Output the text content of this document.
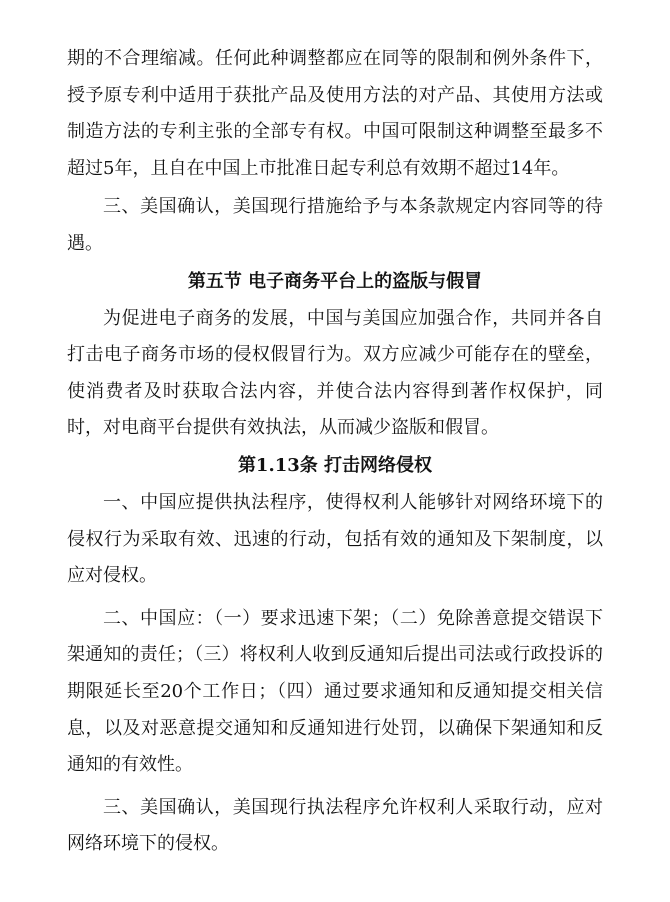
期的不合理缩减。任何此种调整都应在同等的限制和例外条件下，授予原专利中适用于获批产品及使用方法的对产品、其使用方法或制造方法的专利主张的全部专有权。中国可限制这种调整至最多不超过5年，且自在中国上市批准日起专利总有效期不超过14年。

三、美国确认，美国现行措施给予与本条款规定内容同等的待遇。

第五节 电子商务平台上的盗版与假冒

为促进电子商务的发展，中国与美国应加强合作，共同并各自打击电子商务市场的侵权假冒行为。双方应减少可能存在的壁垒，使消费者及时获取合法内容，并使合法内容得到著作权保护，同时，对电商平台提供有效执法，从而减少盗版和假冒。

第1.13条 打击网络侵权

一、中国应提供执法程序，使得权利人能够针对网络环境下的侵权行为采取有效、迅速的行动，包括有效的通知及下架制度，以应对侵权。

二、中国应：（一）要求迅速下架；（二）免除善意提交错误下架通知的责任；（三）将权利人收到反通知后提出司法或行政投诉的期限延长至20个工作日；（四）通过要求通知和反通知提交相关信息，以及对恶意提交通知和反通知进行处罚，以确保下架通知和反通知的有效性。

三、美国确认，美国现行执法程序允许权利人采取行动，应对网络环境下的侵权。
